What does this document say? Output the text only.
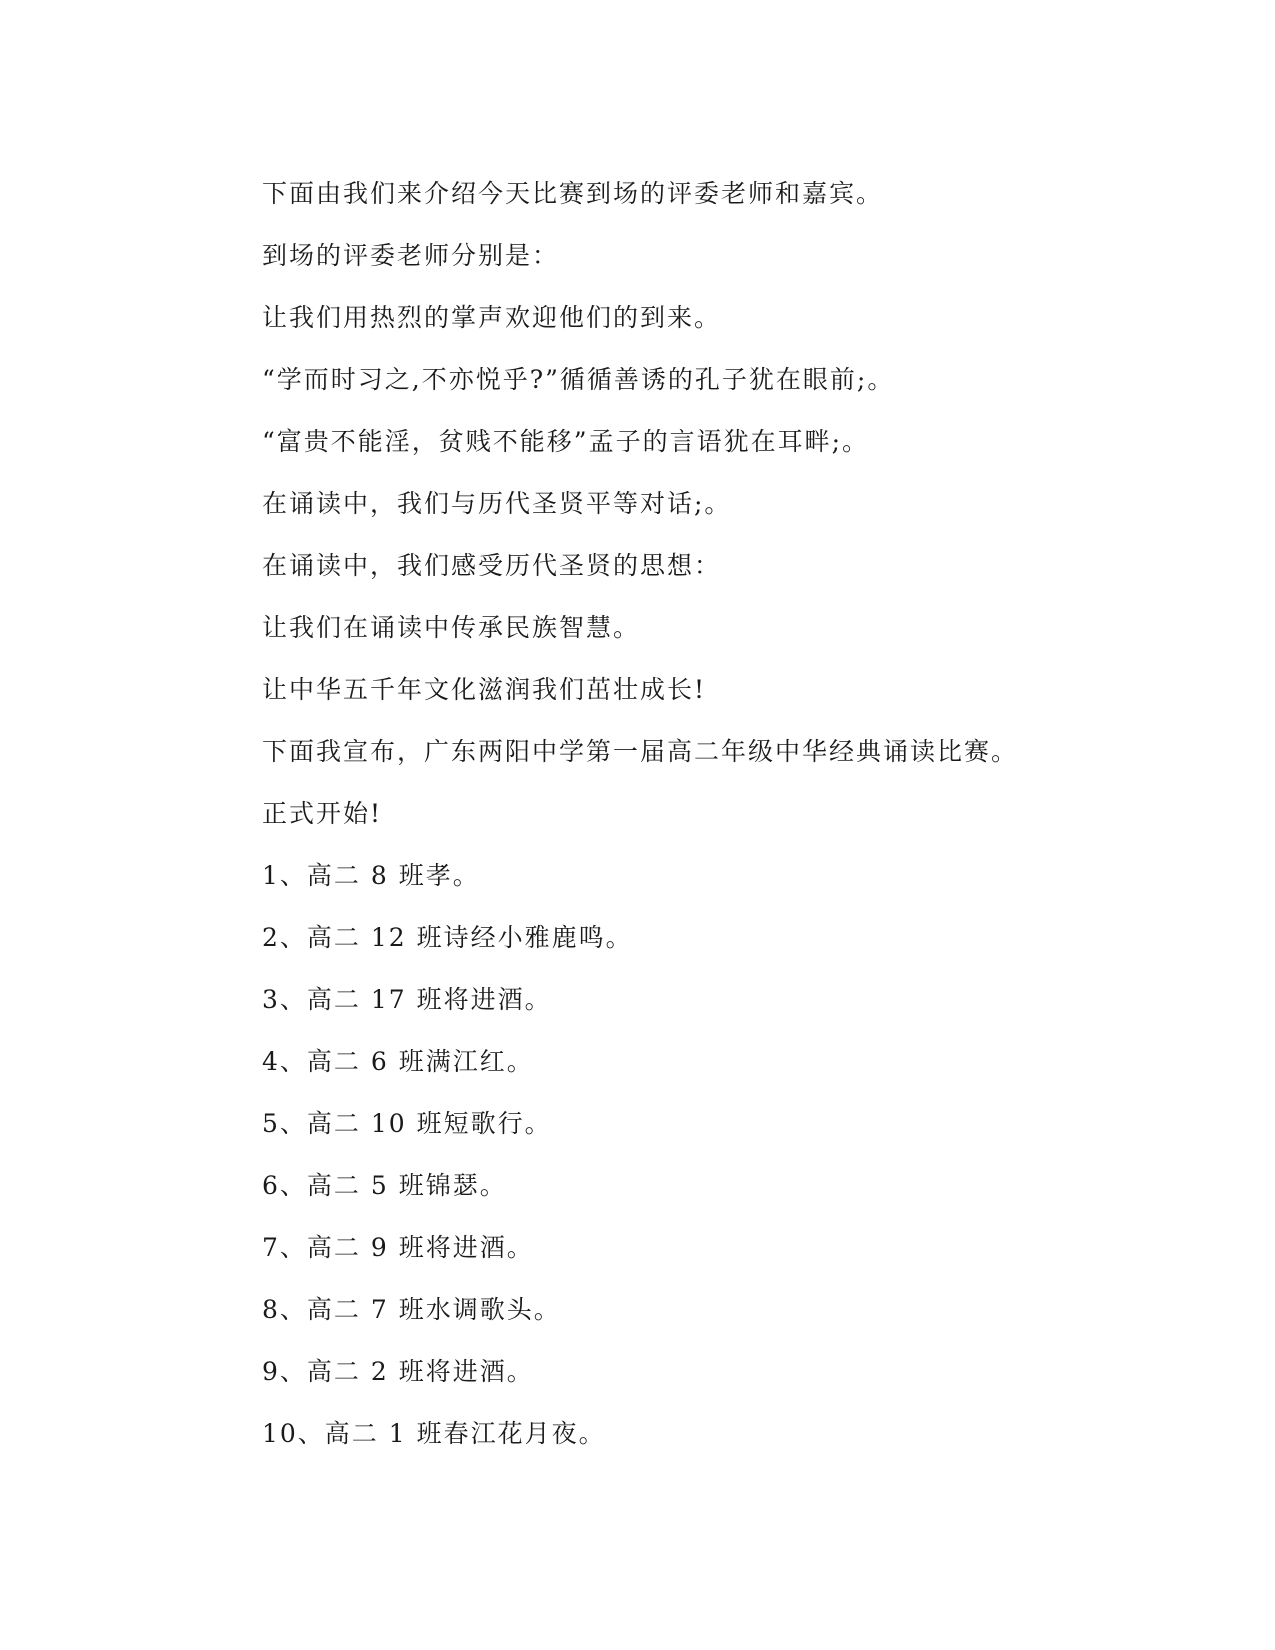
下面由我们来介绍今天比赛到场的评委老师和嘉宾。
到场的评委老师分别是：
让我们用热烈的掌声欢迎他们的到来。
“学而时习之,不亦悦乎?”循循善诱的孔子犹在眼前;。
“富贵不能淫，贫贱不能移”孟子的言语犹在耳畔;。
在诵读中，我们与历代圣贤平等对话;。
在诵读中，我们感受历代圣贤的思想：
让我们在诵读中传承民族智慧。
让中华五千年文化滋润我们茁壮成长!
下面我宣布，广东两阳中学第一届高二年级中华经典诵读比赛。
正式开始!
1、高二 8 班孝。
2、高二 12 班诗经小雅鹿鸣。
3、高二 17 班将进酒。
4、高二 6 班满江红。
5、高二 10 班短歌行。
6、高二 5 班锦瑟。
7、高二 9 班将进酒。
8、高二 7 班水调歌头。
9、高二 2 班将进酒。
10、高二 1 班春江花月夜。
